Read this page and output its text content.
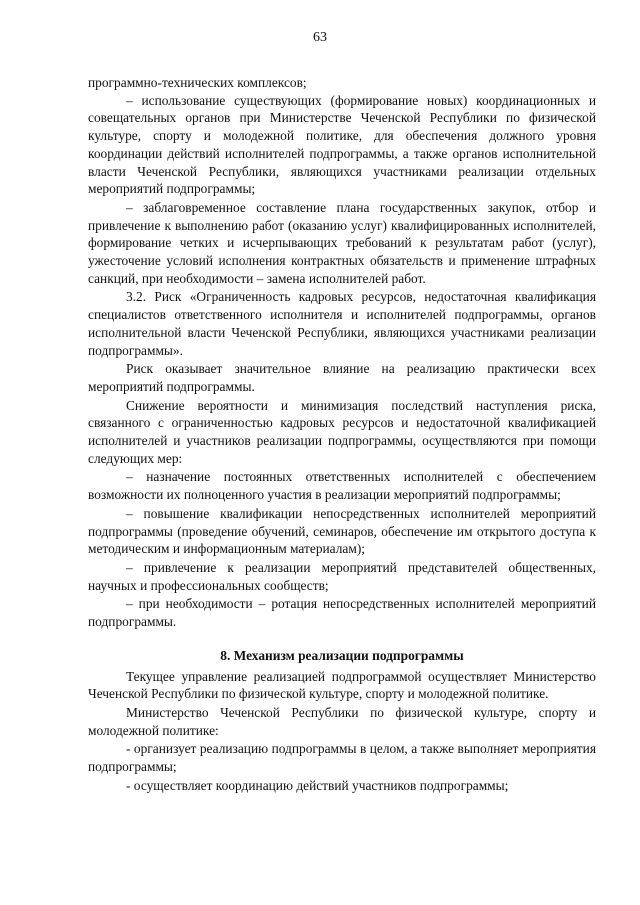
63

программно-технических комплексов;

– использование существующих (формирование новых) координационных и совещательных органов при Министерстве Чеченской Республики по физической культуре, спорту и молодежной политике, для обеспечения должного уровня координации действий исполнителей подпрограммы, а также органов исполнительной власти Чеченской Республики, являющихся участниками реализации отдельных мероприятий подпрограммы;

– заблаговременное составление плана государственных закупок, отбор и привлечение к выполнению работ (оказанию услуг) квалифицированных исполнителей, формирование четких и исчерпывающих требований к результатам работ (услуг), ужесточение условий исполнения контрактных обязательств и применение штрафных санкций, при необходимости – замена исполнителей работ.

3.2. Риск «Ограниченность кадровых ресурсов, недостаточная квалификация специалистов ответственного исполнителя и исполнителей подпрограммы, органов исполнительной власти Чеченской Республики, являющихся участниками реализации подпрограммы».

Риск оказывает значительное влияние на реализацию практически всех мероприятий подпрограммы.

Снижение вероятности и минимизация последствий наступления риска, связанного с ограниченностью кадровых ресурсов и недостаточной квалификацией исполнителей и участников реализации подпрограммы, осуществляются при помощи следующих мер:

– назначение постоянных ответственных исполнителей с обеспечением возможности их полноценного участия в реализации мероприятий подпрограммы;

– повышение квалификации непосредственных исполнителей мероприятий подпрограммы (проведение обучений, семинаров, обеспечение им открытого доступа к методическим и информационным материалам);

– привлечение к реализации мероприятий представителей общественных, научных и профессиональных сообществ;

– при необходимости – ротация непосредственных исполнителей мероприятий подпрограммы.

8. Механизм реализации подпрограммы

Текущее управление реализацией подпрограммой осуществляет Министерство Чеченской Республики по физической культуре, спорту и молодежной политике.

Министерство Чеченской Республики по физической культуре, спорту и молодежной политике:

- организует реализацию подпрограммы в целом, а также выполняет мероприятия подпрограммы;

- осуществляет координацию действий участников подпрограммы;
